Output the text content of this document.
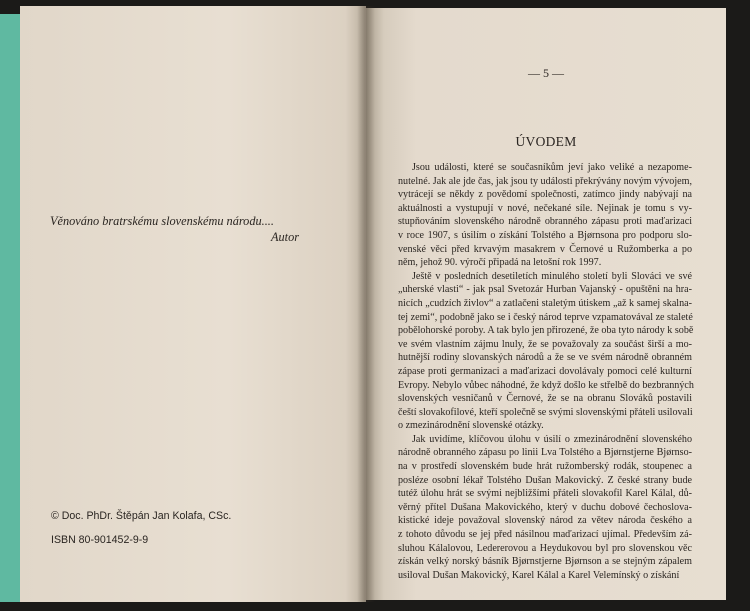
Věnováno bratrskému slovenskému národu....
Autor
© Doc. PhDr. Štěpán Jan Kolafa, CSc.
ISBN 80-901452-9-9
— 5 —
ÚVODEM
Jsou události, které se současníkům jeví jako veliké a nezapome-
nutelné. Jak ale jde čas, jak jsou ty události překrývány novým vývojem,
vytrácejí se někdy z povědomí společnosti, zatímco jindy nabývají na
aktuálnosti a vystupují v nové, nečekané síle. Nejinak je tomu s vy-
stupňováním slovenského národně obranného zápasu proti maďarizaci
v roce 1907, s úsilím o získání Tolstého a Bjørnsona pro podporu slo-
venské věci před krvavým masakrem v Černové u Ružomberka a po
něm, jehož 90. výročí připadá na letošní rok 1997.
Ještě v posledních desetiletích minulého století byli Slováci ve své
„uherské vlasti“ - jak psal Svetozár Hurban Vajanský - opuštěni na hra-
nicích „cudzích živlov“ a zatlačeni staletým útiskem „až k samej skalna-
tej zemi“, podobně jako se i český národ teprve vzpamatovával ze staleté
pobělohorské poroby. A tak bylo jen přirozené, že oba tyto národy k sobě
ve svém vlastním zájmu lnuly, že se považovaly za součást širší a mo-
hutnější rodiny slovanských národů a že se ve svém národně obranném
zápase proti germanizaci a maďarizaci dovolávaly pomoci celé kulturní
Evropy. Nebylo vůbec náhodné, že když došlo ke střelbě do bezbranných
slovenských vesničanů v Černové, že se na obranu Slováků postavili
čeští slovakofilové, kteří společně se svými slovenskými přáteli usilovali
o zmezinárodnění slovenské otázky.
Jak uvidíme, klíčovou úlohu v úsilí o zmezinárodnění slovenského
národně obranného zápasu po linii Lva Tolstého a Bjørnstjerne Bjørnso-
na v prostředí slovenském bude hrát ružomberský rodák, stoupenec a
posléze osobní lékař Tolstého Dušan Makovický. Z české strany bude
tutéž úlohu hrát se svými nejbližšími přáteli slovakofil Karel Kálal, dů-
věrný přítel Dušana Makovického, který v duchu dobové čechoslova-
kistické ideje považoval slovenský národ za větev národa českého a
z tohoto důvodu se jej před násilnou maďarizací ujímal. Především zá-
sluhou Kálalovou, Ledererovou a Heydukovou byl pro slovenskou věc
získán velký norský básník Bjørnstjerne Bjørnson a se stejným zápalem
usiloval Dušan Makovický, Karel Kálal a Karel Velemínský o získání
